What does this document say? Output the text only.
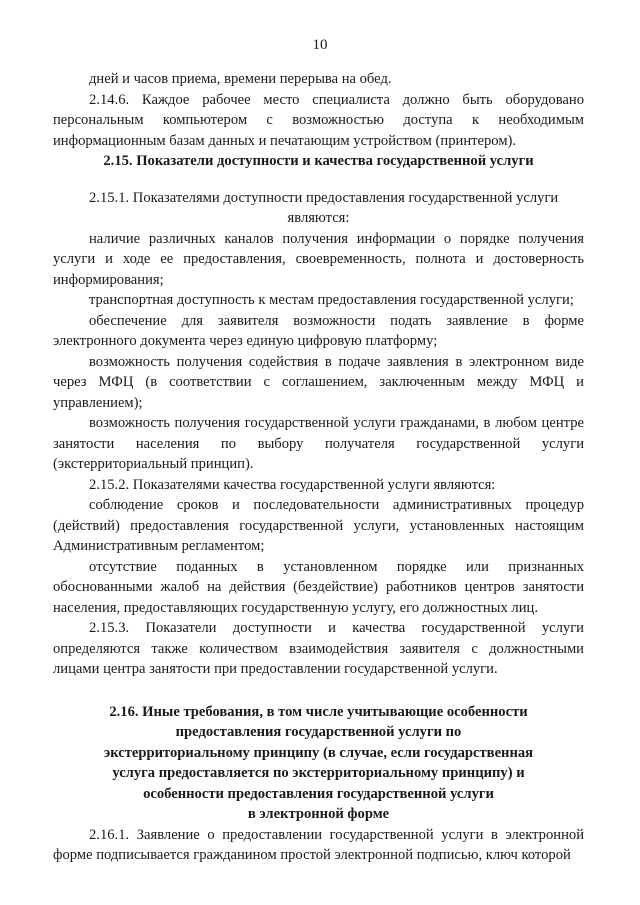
10

дней и часов приема, времени перерыва на обед.

2.14.6. Каждое рабочее место специалиста должно быть оборудовано

персональным компьютером с возможностью доступа к необходимым

информационным базам данных и печатающим устройством (принтером).

2.15. Показатели доступности и качества государственной услуги

2.15.1. Показателями доступности предоставления государственной услуги

являются:

наличие различных каналов получения информации о порядке получения услуги и ходе ее предоставления, своевременность, полнота и достоверность информирования;

транспортная доступность к местам предоставления государственной услуги;

обеспечение для заявителя возможности подать заявление в форме электронного документа через единую цифровую платформу;

возможность получения содействия в подаче заявления в электронном виде через МФЦ (в соответствии с соглашением, заключенным между МФЦ и управлением);

возможность получения государственной услуги гражданами, в любом центре занятости населения по выбору получателя государственной услуги (экстерриториальный принцип).

2.15.2. Показателями качества государственной услуги являются:

соблюдение сроков и последовательности административных процедур (действий) предоставления государственной услуги, установленных настоящим Административным регламентом;

отсутствие поданных в установленном порядке или признанных обоснованными жалоб на действия (бездействие) работников центров занятости населения, предоставляющих государственную услугу, его должностных лиц.

2.15.3. Показатели доступности и качества государственной услуги определяются также количеством взаимодействия заявителя с должностными лицами центра занятости при предоставлении государственной услуги.

2.16. Иные требования, в том числе учитывающие особенности

предоставления государственной услуги по

экстерриториальному принципу (в случае, если государственная

услуга предоставляется по экстерриториальному принципу) и

особенности предоставления государственной услуги

в электронной форме

2.16.1. Заявление о предоставлении государственной услуги в электронной форме подписывается гражданином простой электронной подписью, ключ которой
